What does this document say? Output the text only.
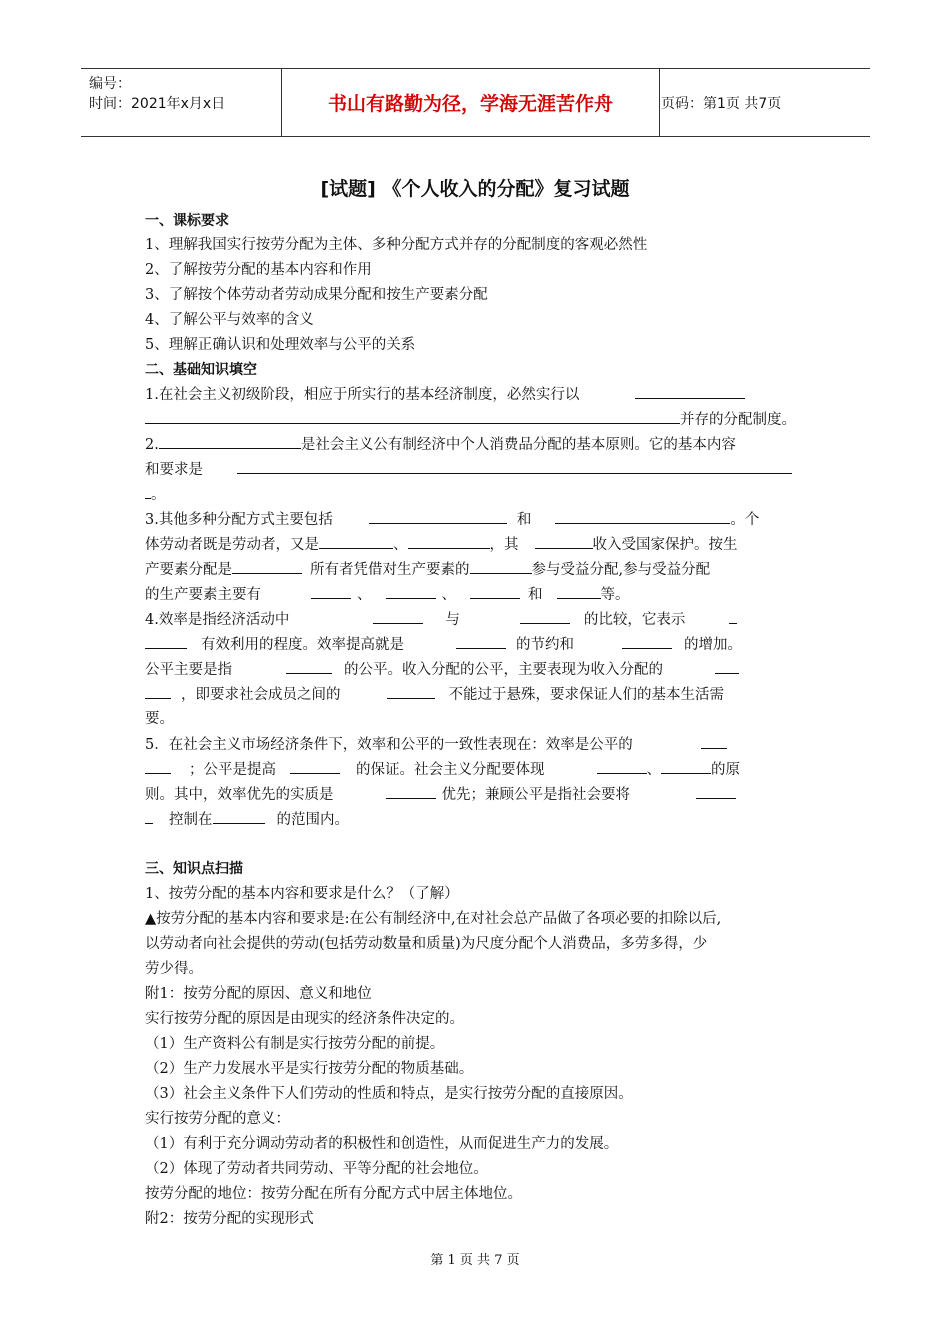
编号：
时间：2021年x月x日	书山有路勤为径，学海无涯苦作舟	页码：第1页 共7页
[试题] 《个人收入的分配》复习试题
一、课标要求
1、理解我国实行按劳分配为主体、多种分配方式并存的分配制度的客观必然性
2、了解按劳分配的基本内容和作用
3、了解按个体劳动者劳动成果分配和按生产要素分配
4、了解公平与效率的含义
5、理解正确认识和处理效率与公平的关系
二、基础知识填空
1.在社会主义初级阶段，相应于所实行的基本经济制度，必然实行以
并存的分配制度。
2.	是社会主义公有制经济中个人消费品分配的基本原则。它的基本内容
和要求是
。
3.其他多种分配方式主要包括	和	。个
体劳动者既是劳动者，又是	、	，其	收入受国家保护。按生
产要素分配是	所有者凭借对生产要素的	参与受益分配,参与受益分配
的生产要素主要有	、	、	和	等。
4.效率是指经济活动中	与	的比较，它表示
有效利用的程度。效率提高就是	的节约和	的增加。
公平主要是指	的公平。收入分配的公平，主要表现为收入分配的
，即要求社会成员之间的	不能过于悬殊，要求保证人们的基本生活需
要。
5．在社会主义市场经济条件下，效率和公平的一致性表现在：效率是公平的
；公平是提高	的保证。社会主义分配要体现	、	的原
则。其中，效率优先的实质是	优先；兼顾公平是指社会要将
控制在	的范围内。
三、知识点扫描
1、按劳分配的基本内容和要求是什么？（了解）
▲按劳分配的基本内容和要求是:在公有制经济中,在对社会总产品做了各项必要的扣除以后,
以劳动者向社会提供的劳动(包括劳动数量和质量)为尺度分配个人消费品，多劳多得，少
劳少得。
附1：按劳分配的原因、意义和地位
实行按劳分配的原因是由现实的经济条件决定的。
（1）生产资料公有制是实行按劳分配的前提。
（2）生产力发展水平是实行按劳分配的物质基础。
（3）社会主义条件下人们劳动的性质和特点，是实行按劳分配的直接原因。
实行按劳分配的意义：
（1）有利于充分调动劳动者的积极性和创造性，从而促进生产力的发展。
（2）体现了劳动者共同劳动、平等分配的社会地位。
按劳分配的地位：按劳分配在所有分配方式中居主体地位。
附2：按劳分配的实现形式
第 1 页 共 7 页
